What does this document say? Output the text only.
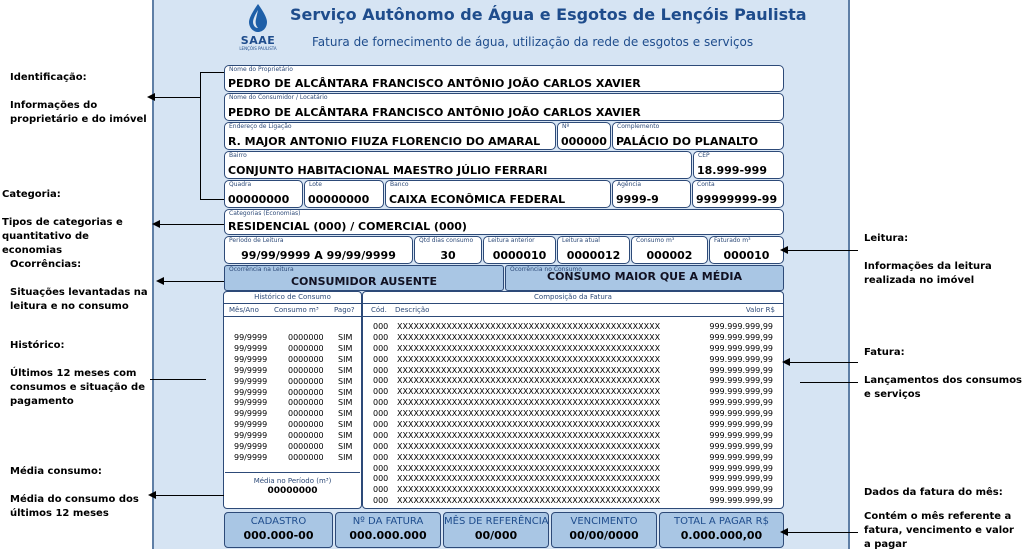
Identificação:
Informações do proprietário e do imóvel
Categoria:
Tipos de categorias e quantitativo de economias
Ocorrências:
Situações levantadas na leitura e no consumo
Histórico:
Últimos 12 meses com consumos e situação de pagamento
Média consumo:
Média do consumo dos últimos 12 meses
Leitura:
Informações da leitura realizada no imóvel
Fatura:
Lançamentos dos consumos e serviços
Dados da fatura do mês:
Contém o mês referente a fatura, vencimento e valor a pagar
SAAE
LENÇÓIS PAULISTA
Serviço Autônomo de Água e Esgotos de Lençóis Paulista
Fatura de fornecimento de água, utilização da rede de esgotos e serviços
Nome do Proprietário
PEDRO DE ALCÂNTARA FRANCISCO ANTÔNIO JOÃO CARLOS XAVIER
Nome do Consumidor / Locatário
PEDRO DE ALCÂNTARA FRANCISCO ANTÔNIO JOÃO CARLOS XAVIER
Endereço de Ligação
R. MAJOR ANTONIO FIUZA FLORENCIO DO AMARAL
Nº
000000
Complemento
PALÁCIO DO PLANALTO
Bairro
CONJUNTO HABITACIONAL MAESTRO JÚLIO FERRARI
CEP
18.999-999
Quadra
00000000
Lote
00000000
Banco
CAIXA ECONÔMICA FEDERAL
Agência
9999-9
Conta
99999999-99
Categorias (Economias)
RESIDENCIAL (000) / COMERCIAL (000)
Período de Leitura
99/99/9999 A 99/99/9999
Qtd dias consumo
30
Leitura anterior
0000010
Leitura atual
0000012
Consumo m³
000002
Faturado m³
000010
Ocorrência na Leitura
CONSUMIDOR AUSENTE
Ocorrência no Consumo
CONSUMO MAIOR QUE A MÉDIA
Histórico de Consumo
Mês/Ano Consumo m³ Pago?
99/9999	0000000 SIM
99/9999	0000000 SIM
99/9999	0000000 SIM
99/9999	0000000 SIM
99/9999	0000000 SIM
99/9999	0000000 SIM
99/9999	0000000 SIM
99/9999	0000000 SIM
99/9999	0000000 SIM
99/9999	0000000 SIM
99/9999	0000000 SIM
99/9999	0000000 SIM
Média no Período (m³)
00000000
Composição da Fatura
Cód. Descrição	Valor R$
000 XXXXXXXXXXXXXXXXXXXXXXXXXXXXXXXXXXXXXXXXXXXXXXXX	999.999.999,99
000 XXXXXXXXXXXXXXXXXXXXXXXXXXXXXXXXXXXXXXXXXXXXXXXX	999.999.999,99
000 XXXXXXXXXXXXXXXXXXXXXXXXXXXXXXXXXXXXXXXXXXXXXXXX	999.999.999,99
000 XXXXXXXXXXXXXXXXXXXXXXXXXXXXXXXXXXXXXXXXXXXXXXXX	999.999.999,99
000 XXXXXXXXXXXXXXXXXXXXXXXXXXXXXXXXXXXXXXXXXXXXXXXX	999.999.999,99
000 XXXXXXXXXXXXXXXXXXXXXXXXXXXXXXXXXXXXXXXXXXXXXXXX	999.999.999,99
000 XXXXXXXXXXXXXXXXXXXXXXXXXXXXXXXXXXXXXXXXXXXXXXXX	999.999.999,99
000 XXXXXXXXXXXXXXXXXXXXXXXXXXXXXXXXXXXXXXXXXXXXXXXX	999.999.999,99
000 XXXXXXXXXXXXXXXXXXXXXXXXXXXXXXXXXXXXXXXXXXXXXXXX	999.999.999,99
000 XXXXXXXXXXXXXXXXXXXXXXXXXXXXXXXXXXXXXXXXXXXXXXXX	999.999.999,99
000 XXXXXXXXXXXXXXXXXXXXXXXXXXXXXXXXXXXXXXXXXXXXXXXX	999.999.999,99
000 XXXXXXXXXXXXXXXXXXXXXXXXXXXXXXXXXXXXXXXXXXXXXXXX	999.999.999,99
000 XXXXXXXXXXXXXXXXXXXXXXXXXXXXXXXXXXXXXXXXXXXXXXXX	999.999.999,99
000 XXXXXXXXXXXXXXXXXXXXXXXXXXXXXXXXXXXXXXXXXXXXXXXX	999.999.999,99
000 XXXXXXXXXXXXXXXXXXXXXXXXXXXXXXXXXXXXXXXXXXXXXXXX	999.999.999,99
000 XXXXXXXXXXXXXXXXXXXXXXXXXXXXXXXXXXXXXXXXXXXXXXXX	999.999.999,99
000 XXXXXXXXXXXXXXXXXXXXXXXXXXXXXXXXXXXXXXXXXXXXXXXX	999.999.999,99
CADASTRO
000.000-00
Nº DA FATURA
000.000.000
MÊS DE REFERÊNCIA
00/000
VENCIMENTO
00/00/0000
TOTAL A PAGAR R$
0.000.000,00
